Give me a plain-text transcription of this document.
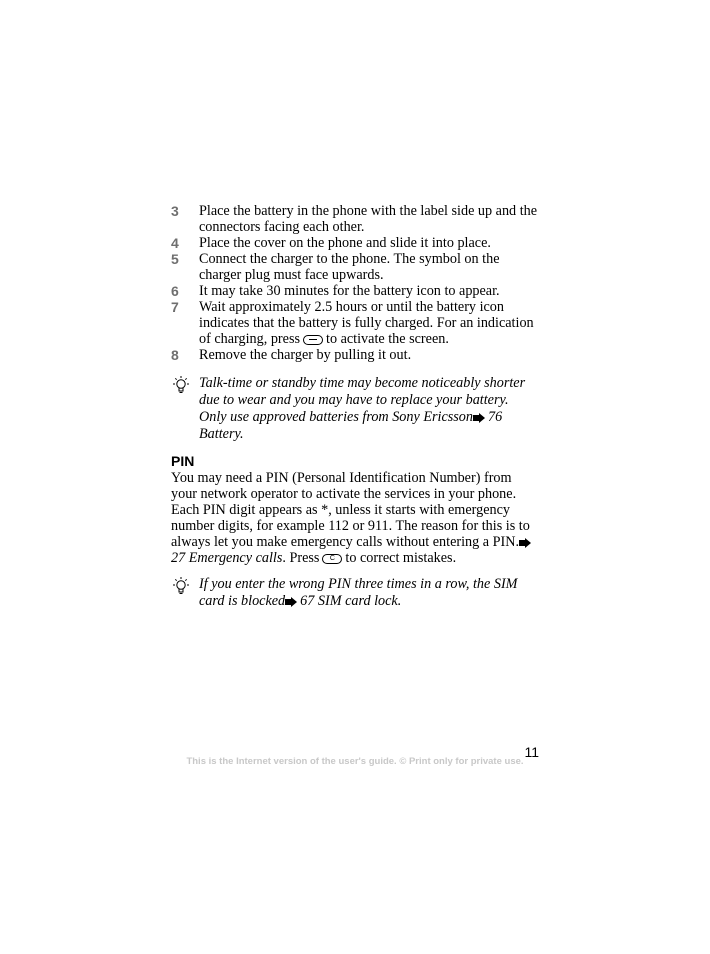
3	Place the battery in the phone with the label side up and the connectors facing each other.
4	Place the cover on the phone and slide it into place.
5	Connect the charger to the phone. The symbol on the charger plug must face upwards.
6	It may take 30 minutes for the battery icon to appear.
7	Wait approximately 2.5 hours or until the battery icon indicates that the battery is fully charged. For an indication of charging, press to activate the screen.
8	Remove the charger by pulling it out.
Talk-time or standby time may become noticeably shorter due to wear and you may have to replace your battery. Only use approved batteries from Sony Ericsson 76 Battery.
PIN
You may need a PIN (Personal Identification Number) from your network operator to activate the services in your phone. Each PIN digit appears as *, unless it starts with emergency number digits, for example 112 or 911. The reason for this is to always let you make emergency calls without entering a PIN.27 Emergency calls. Press	C to correct mistakes.
If you enter the wrong PIN three times in a row, the SIM card is blocked 67 SIM card lock.
11
This is the Internet version of the user's guide. © Print only for private use.
